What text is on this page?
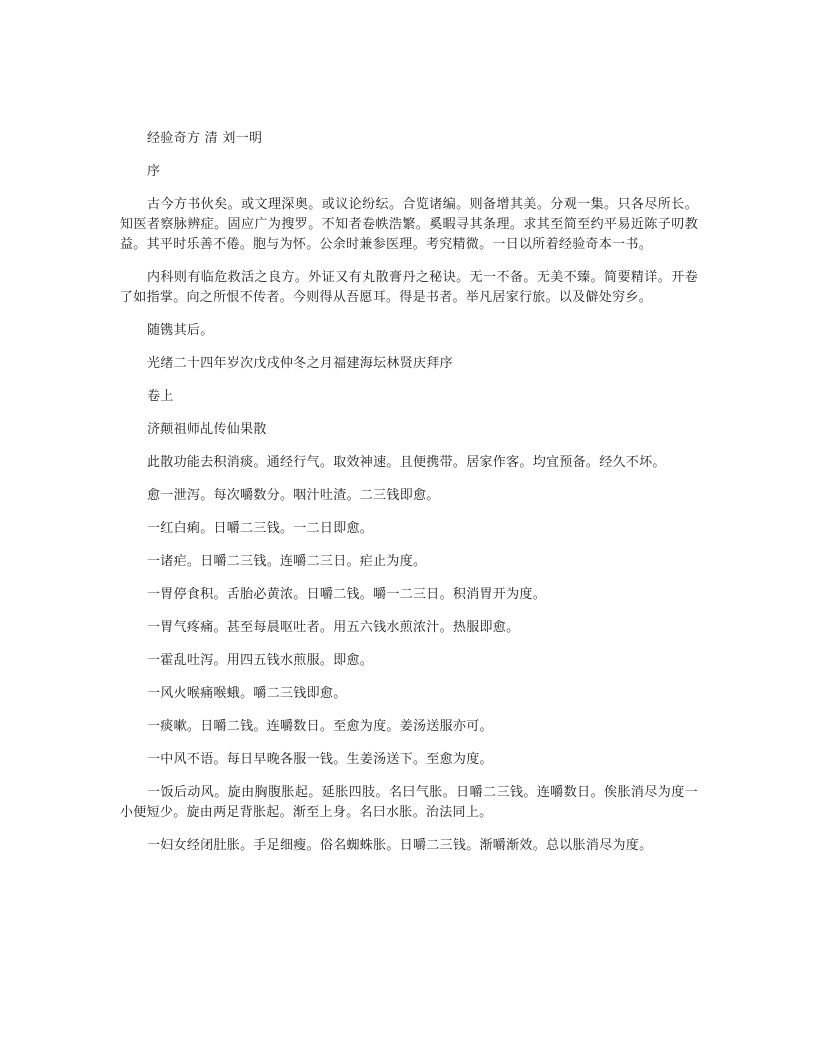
经验奇方 清 刘一明

序

古今方书伙矣。或文理深奥。或议论纷纭。合览诸编。则备增其美。分观一集。只各尽所长。知医者察脉辨症。固应广为搜罗。不知者卷帙浩繁。奚暇寻其条理。求其至简至约平易近陈子叨教益。其平时乐善不倦。胞与为怀。公余时兼参医理。考究精微。一日以所着经验奇本一书。

内科则有临危救活之良方。外证又有丸散膏丹之秘诀。无一不备。无美不臻。简要精详。开卷了如指掌。向之所恨不传者。今则得从吾愿耳。得是书者。举凡居家行旅。以及僻处穷乡。

随镌其后。

光绪二十四年岁次戊戌仲冬之月福建海坛林贤庆拜序

卷上

济颠祖师乩传仙果散

此散功能去积消痰。通经行气。取效神速。且便携带。居家作客。均宜预备。经久不坏。

愈一泄泻。每次嚼数分。咽汁吐渣。二三钱即愈。

一红白痢。日嚼二三钱。一二日即愈。

一诸疟。日嚼二三钱。连嚼二三日。疟止为度。

一胃停食积。舌胎必黄浓。日嚼二钱。嚼一二三日。积消胃开为度。

一胃气疼痛。甚至每晨呕吐者。用五六钱水煎浓汁。热服即愈。

一霍乱吐泻。用四五钱水煎服。即愈。

一风火喉痛喉蛾。嚼二三钱即愈。

一痰嗽。日嚼二钱。连嚼数日。至愈为度。姜汤送服亦可。

一中风不语。每日早晚各服一钱。生姜汤送下。至愈为度。

一饭后动风。旋由胸腹胀起。延胀四肢。名曰气胀。日嚼二三钱。连嚼数日。俟胀消尽为度一小便短少。旋由两足背胀起。渐至上身。名曰水胀。治法同上。

一妇女经闭肚胀。手足细瘦。俗名蜘蛛胀。日嚼二三钱。渐嚼渐效。总以胀消尽为度。
